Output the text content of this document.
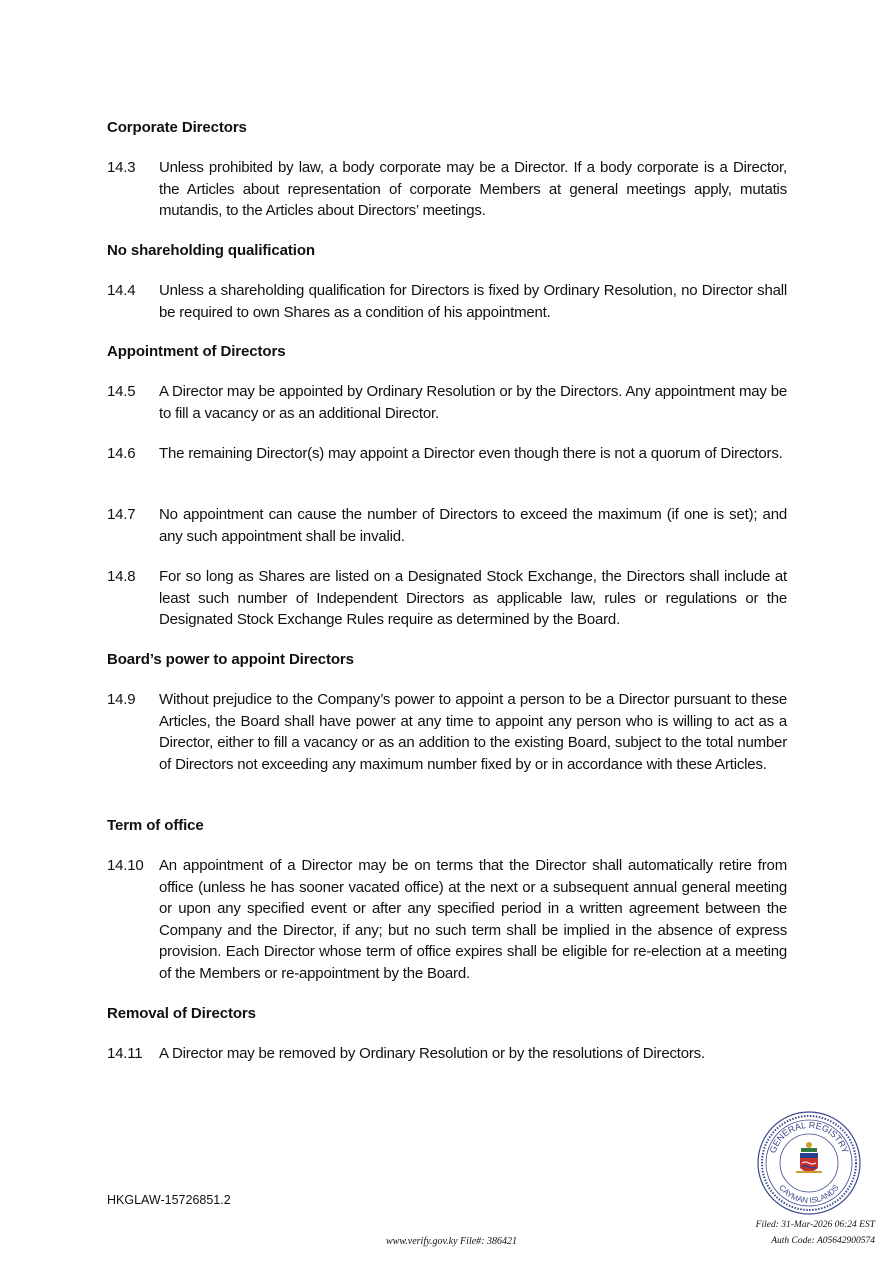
Corporate Directors
14.3 Unless prohibited by law, a body corporate may be a Director. If a body corporate is a Director, the Articles about representation of corporate Members at general meetings apply, mutatis mutandis, to the Articles about Directors’ meetings.
No shareholding qualification
14.4 Unless a shareholding qualification for Directors is fixed by Ordinary Resolution, no Director shall be required to own Shares as a condition of his appointment.
Appointment of Directors
14.5 A Director may be appointed by Ordinary Resolution or by the Directors. Any appointment may be to fill a vacancy or as an additional Director.
14.6 The remaining Director(s) may appoint a Director even though there is not a quorum of Directors.
14.7 No appointment can cause the number of Directors to exceed the maximum (if one is set); and any such appointment shall be invalid.
14.8 For so long as Shares are listed on a Designated Stock Exchange, the Directors shall include at least such number of Independent Directors as applicable law, rules or regulations or the Designated Stock Exchange Rules require as determined by the Board.
Board’s power to appoint Directors
14.9 Without prejudice to the Company’s power to appoint a person to be a Director pursuant to these Articles, the Board shall have power at any time to appoint any person who is willing to act as a Director, either to fill a vacancy or as an addition to the existing Board, subject to the total number of Directors not exceeding any maximum number fixed by or in accordance with these Articles.
Term of office
14.10 An appointment of a Director may be on terms that the Director shall automatically retire from office (unless he has sooner vacated office) at the next or a subsequent annual general meeting or upon any specified event or after any specified period in a written agreement between the Company and the Director, if any; but no such term shall be implied in the absence of express provision. Each Director whose term of office expires shall be eligible for re-election at a meeting of the Members or re-appointment by the Board.
Removal of Directors
14.11 A Director may be removed by Ordinary Resolution or by the resolutions of Directors.
HKGLAW-15726851.2
www.verify.gov.ky File#: 386421
GENERAL REGISTRY
CAYMAN ISLANDS
Filed: 31-Mar-2026 06:24 EST
Auth Code: A05642900574
